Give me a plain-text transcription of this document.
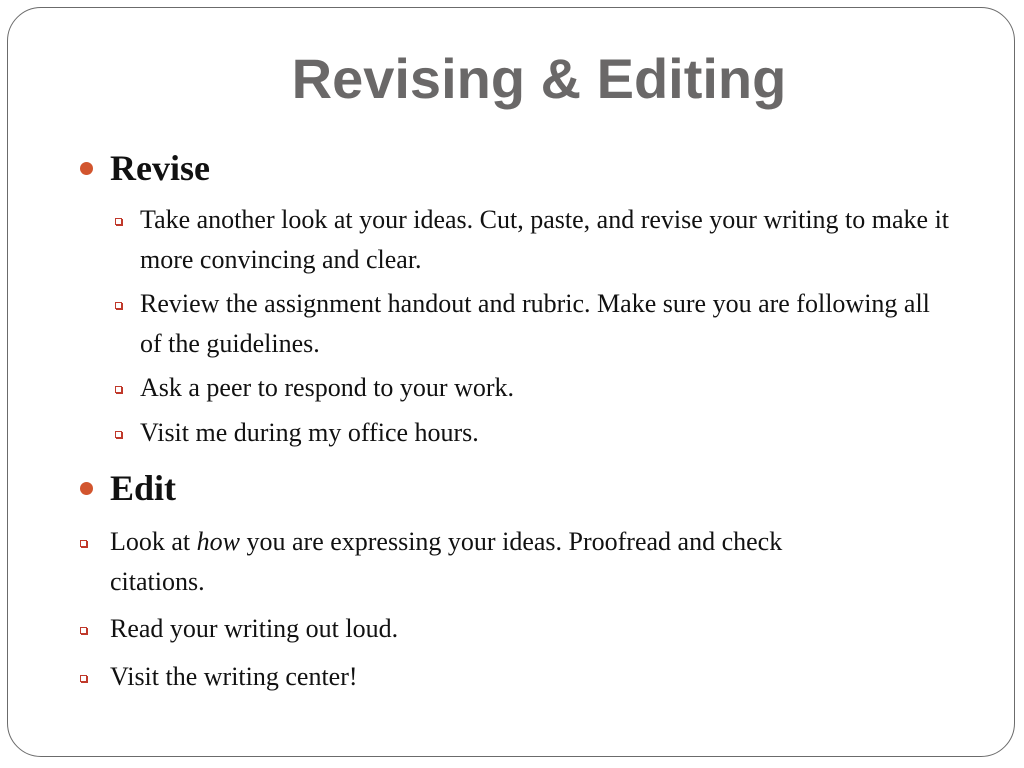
Revising & Editing
Revise
Take another look at your ideas. Cut, paste, and revise your writing to make it more convincing and clear.
Review the assignment handout and rubric. Make sure you are following all of the guidelines.
Ask a peer to respond to your work.
Visit me during my office hours.
Edit
Look at how you are expressing your ideas. Proofread and check citations.
Read your writing out loud.
Visit the writing center!
